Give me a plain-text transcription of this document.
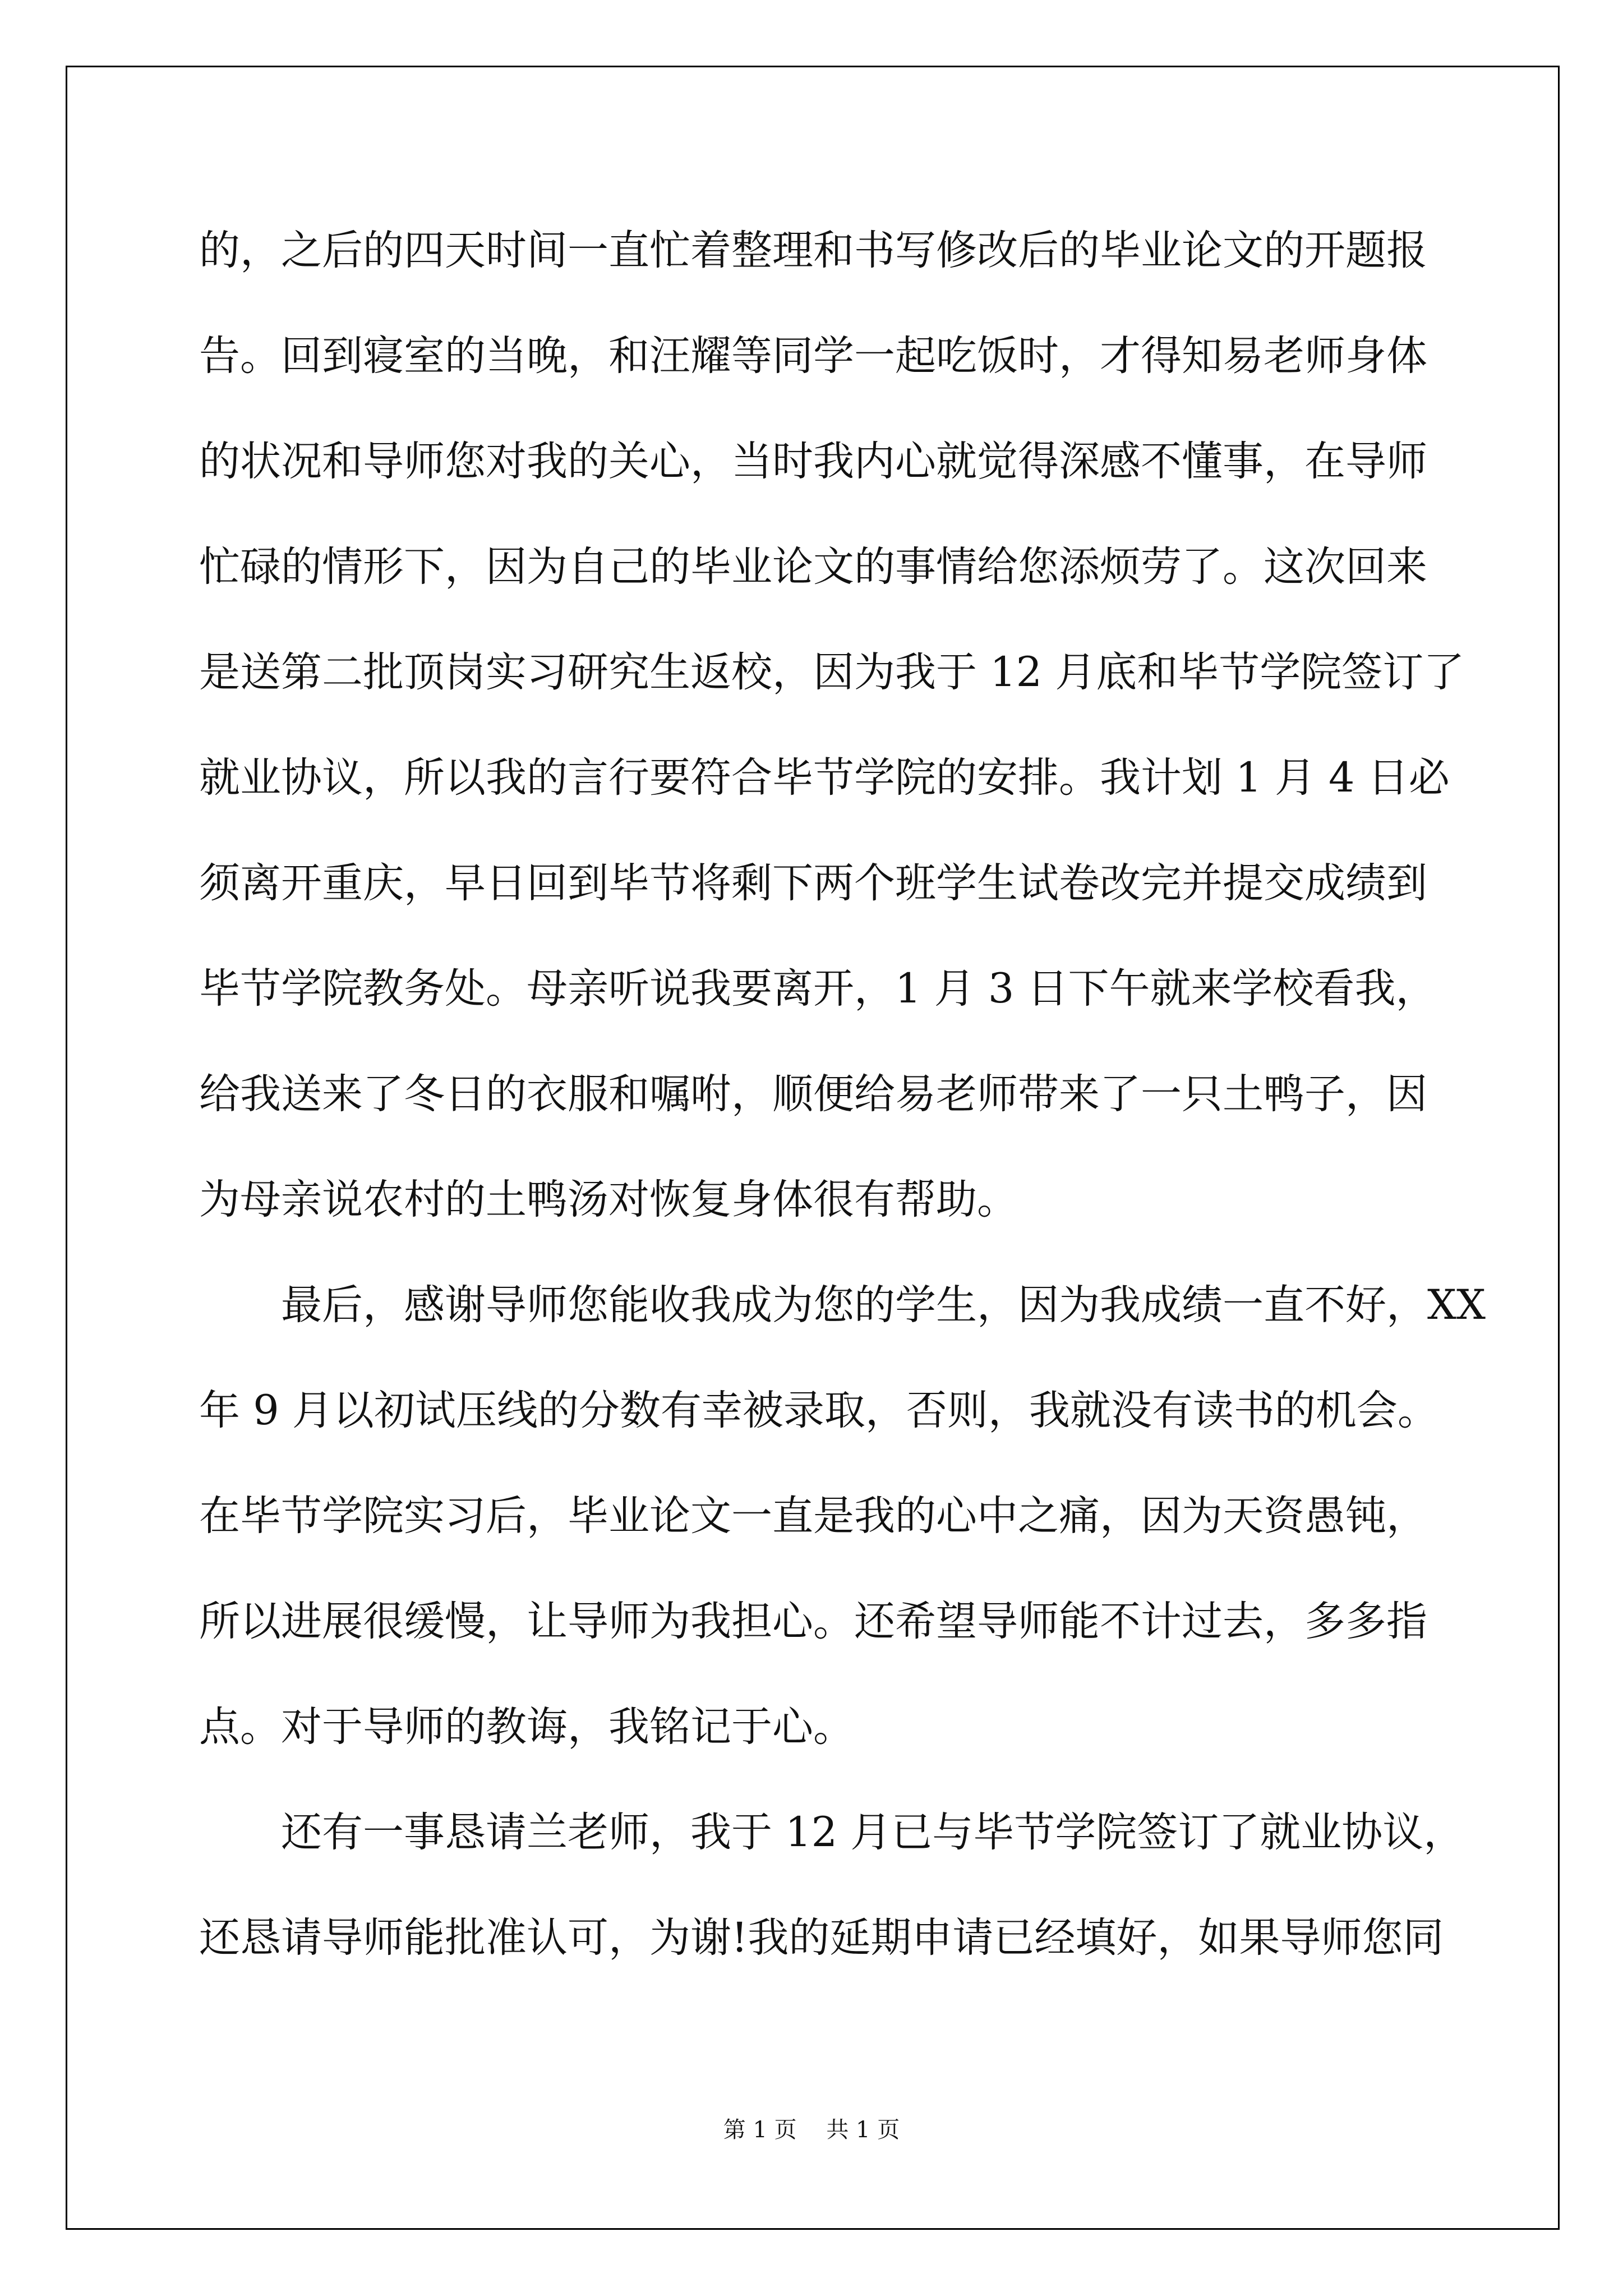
的，之后的四天时间一直忙着整理和书写修改后的毕业论文的开题报
告。回到寝室的当晚，和汪耀等同学一起吃饭时，才得知易老师身体
的状况和导师您对我的关心，当时我内心就觉得深感不懂事，在导师
忙碌的情形下，因为自己的毕业论文的事情给您添烦劳了。这次回来
是送第二批顶岗实习研究生返校，因为我于 12 月底和毕节学院签订了
就业协议，所以我的言行要符合毕节学院的安排。我计划 1 月 4 日必
须离开重庆，早日回到毕节将剩下两个班学生试卷改完并提交成绩到
毕节学院教务处。母亲听说我要离开，1 月 3 日下午就来学校看我，
给我送来了冬日的衣服和嘱咐，顺便给易老师带来了一只土鸭子，因
为母亲说农村的土鸭汤对恢复身体很有帮助。
最后，感谢导师您能收我成为您的学生，因为我成绩一直不好，XX
年 9 月以初试压线的分数有幸被录取，否则，我就没有读书的机会。
在毕节学院实习后，毕业论文一直是我的心中之痛，因为天资愚钝，
所以进展很缓慢，让导师为我担心。还希望导师能不计过去，多多指
点。对于导师的教诲，我铭记于心。
还有一事恳请兰老师，我于 12 月已与毕节学院签订了就业协议，
还恳请导师能批准认可，为谢!我的延期申请已经填好，如果导师您同
第 1 页　 共 1 页
